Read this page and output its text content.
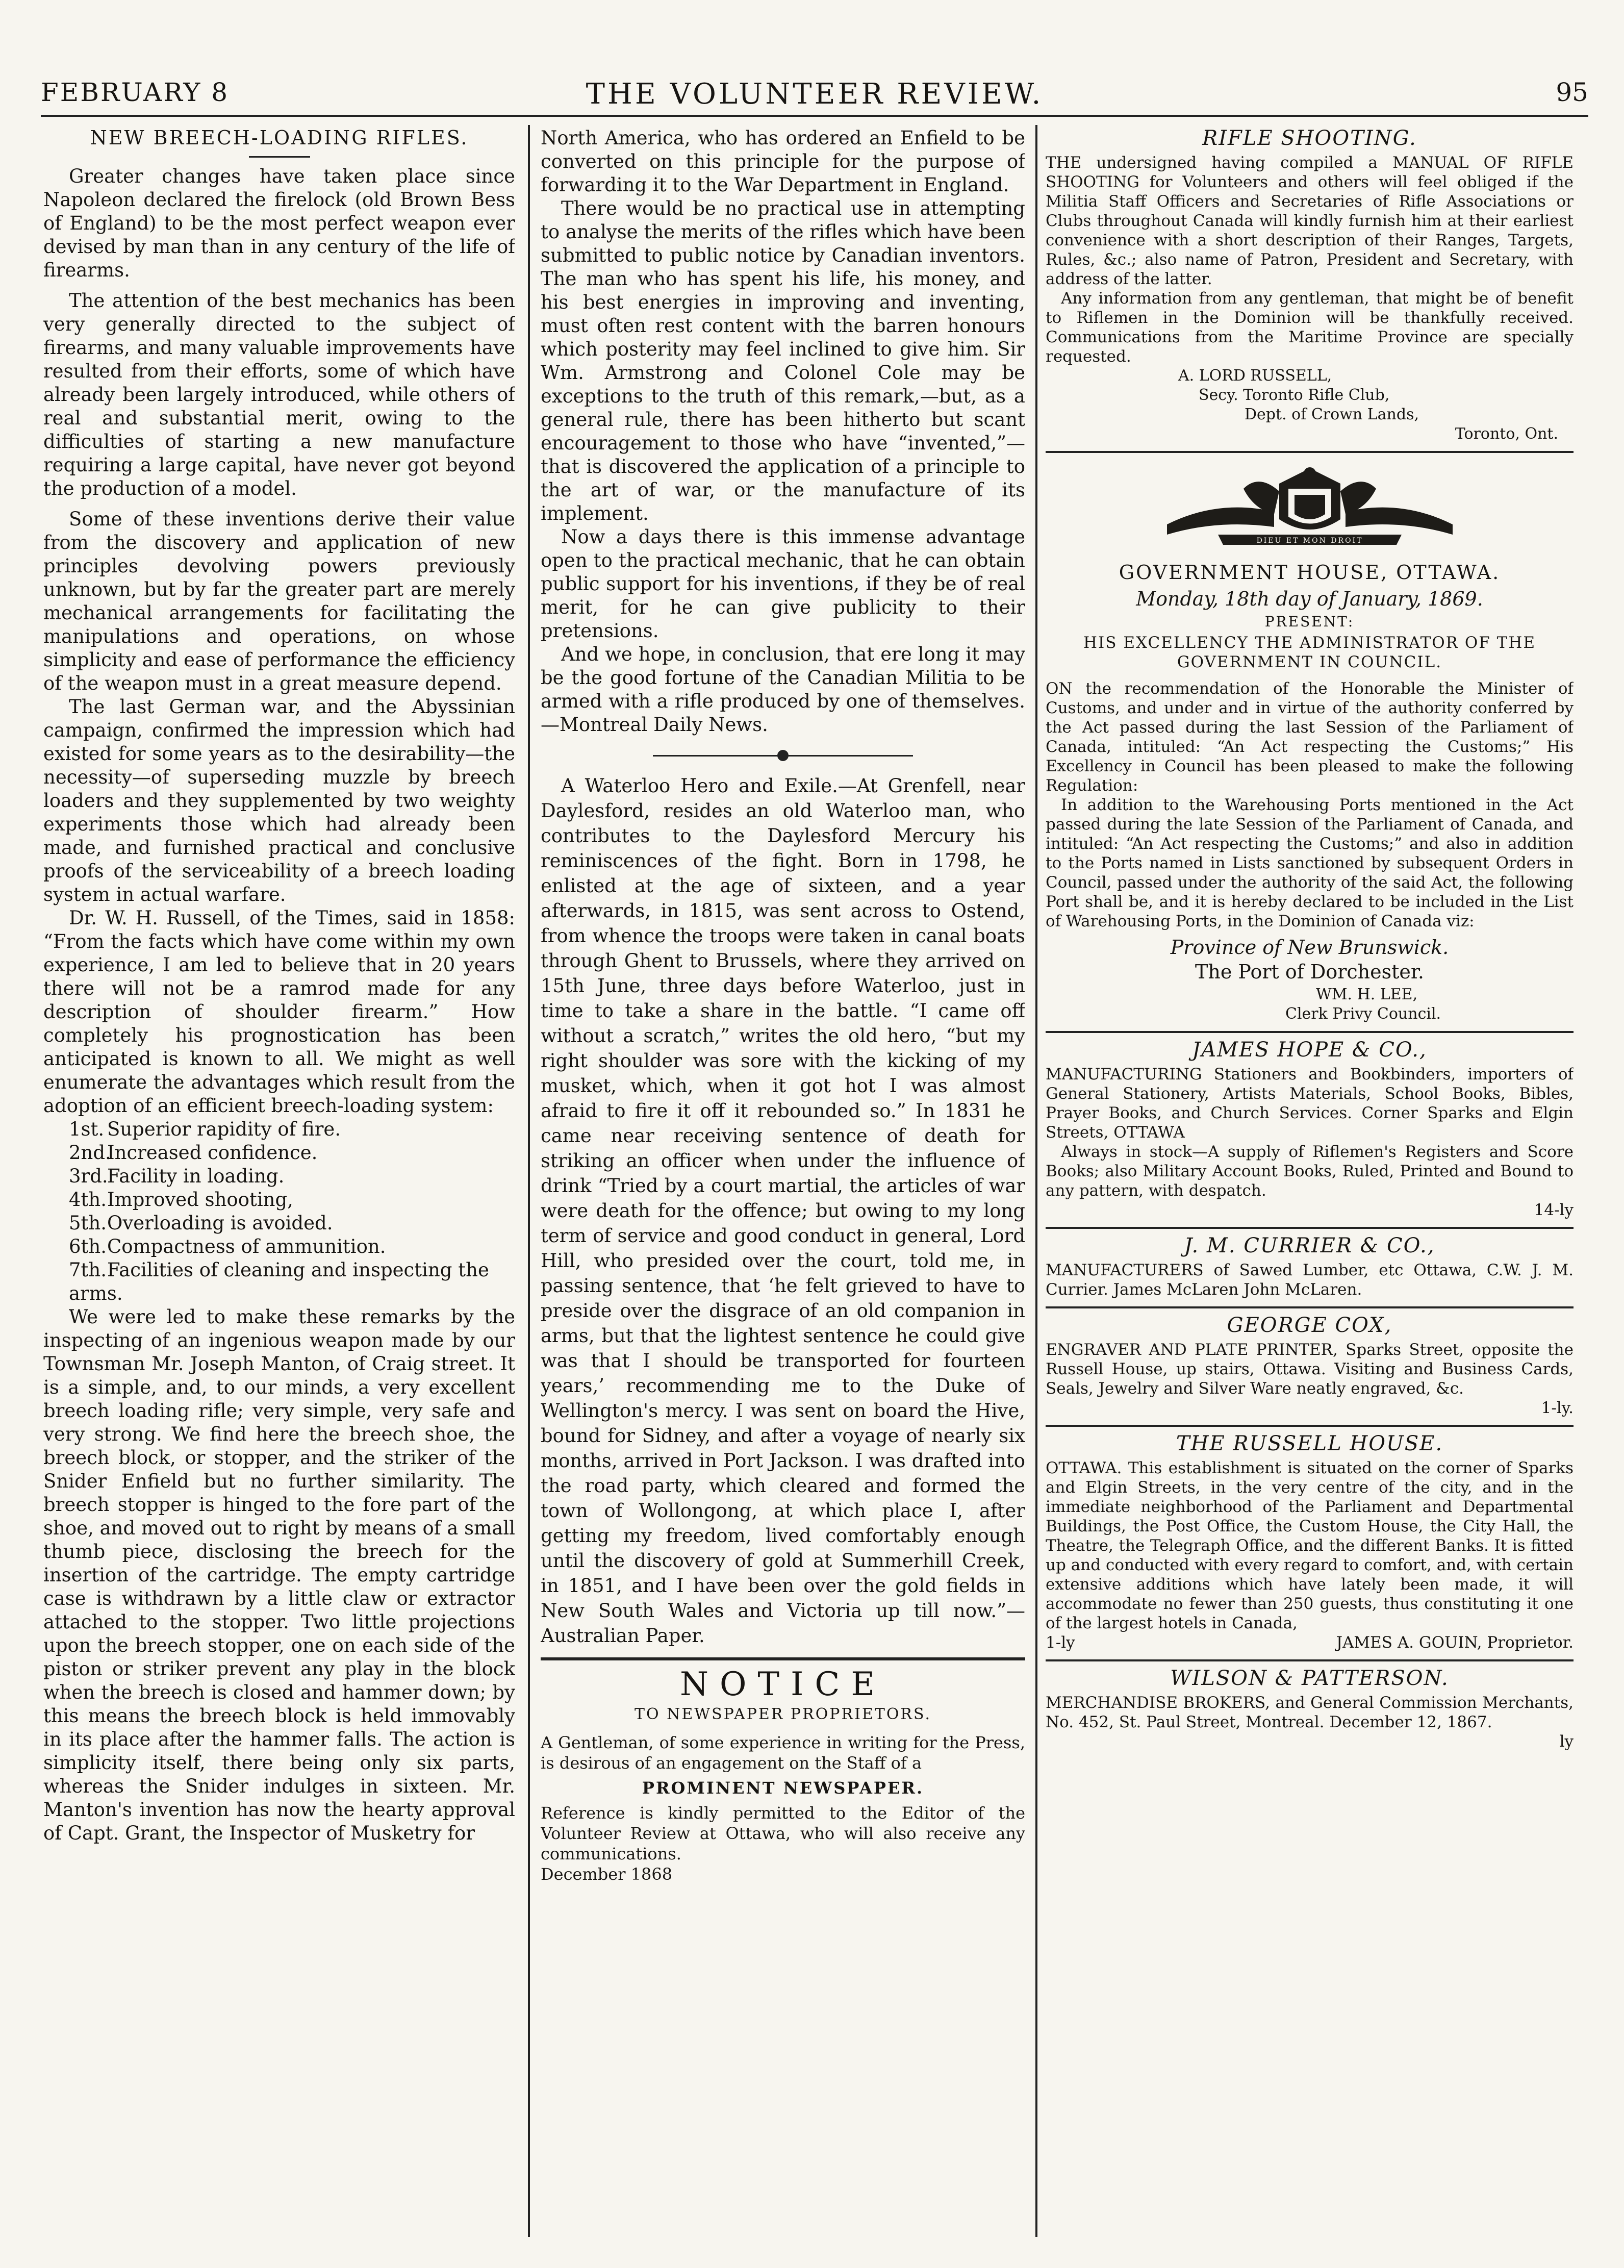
FEBRUARY 8	THE VOLUNTEER REVIEW.	95
NEW BREECH-LOADING RIFLES.

Greater changes have taken place since Napoleon declared the firelock (old Brown Bess of England) to be the most perfect weapon ever devised by man than in any century of the life of firearms.

The attention of the best mechanics has been very generally directed to the subject of firearms, and many valuable improvements have resulted from their efforts, some of which have already been largely introduced, while others of real and substantial merit, owing to the difficulties of starting a new manufacture requiring a large capital, have never got beyond the production of a model.

Some of these inventions derive their value from the discovery and application of new principles devolving powers previously unknown, but by far the greater part are merely mechanical arrangements for facilitating the manipulations and operations, on whose simplicity and ease of performance the efficiency of the weapon must in a great measure depend.

The last German war, and the Abyssinian campaign, confirmed the impression which had existed for some years as to the desirability—the necessity—of superseding muzzle by breech loaders and they supplemented by two weighty experiments those which had already been made, and furnished practical and conclusive proofs of the serviceability of a breech loading system in actual warfare.

Dr. W. H. Russell, of the Times, said in 1858: “From the facts which have come within my own experience, I am led to believe that in 20 years there will not be a ramrod made for any description of shoulder firearm.” How completely his prognostication has been anticipated is known to all. We might as well enumerate the advantages which result from the adoption of an efficient breech-loading system:

1st. Superior rapidity of fire.
2nd.Increased confidence.
3rd.Facility in loading.
4th.Improved shooting,
5th.Overloading is avoided.
6th.Compactness of ammunition.
7th.Facilities of cleaning and inspecting the arms.

We were led to make these remarks by the inspecting of an ingenious weapon made by our Townsman Mr. Joseph Manton, of Craig street. It is a simple, and, to our minds, a very excellent breech loading rifle; very simple, very safe and very strong. We find here the breech shoe, the breech block, or stopper, and the striker of the Snider Enfield but no further similarity. The breech stopper is hinged to the fore part of the shoe, and moved out to right by means of a small thumb piece, disclosing the breech for the insertion of the cartridge. The empty cartridge case is withdrawn by a little claw or extractor attached to the stopper. Two little projections upon the breech stopper, one on each side of the piston or striker prevent any play in the block when the breech is closed and hammer down; by this means the breech block is held immovably in its place after the hammer falls. The action is simplicity itself, there being only six parts, whereas the Snider indulges in sixteen. Mr. Manton's invention has now the hearty approval of Capt. Grant, the Inspector of Musketry for

North America, who has ordered an Enfield to be converted on this principle for the purpose of forwarding it to the War Department in England.

There would be no practical use in attempting to analyse the merits of the rifles which have been submitted to public notice by Canadian inventors. The man who has spent his life, his money, and his best energies in improving and inventing, must often rest content with the barren honours which posterity may feel inclined to give him. Sir Wm. Armstrong and Colonel Cole may be exceptions to the truth of this remark,—but, as a general rule, there has been hitherto but scant encouragement to those who have “invented,”—that is discovered the application of a principle to the art of war, or the manufacture of its implement.

Now a days there is this immense advantage open to the practical mechanic, that he can obtain public support for his inventions, if they be of real merit, for he can give publicity to their pretensions.

And we hope, in conclusion, that ere long it may be the good fortune of the Canadian Militia to be armed with a rifle produced by one of themselves.—Montreal Daily News.

A Waterloo Hero and Exile.—At Grenfell, near Daylesford, resides an old Waterloo man, who contributes to the Daylesford Mercury his reminiscences of the fight. Born in 1798, he enlisted at the age of sixteen, and a year afterwards, in 1815, was sent across to Ostend, from whence the troops were taken in canal boats through Ghent to Brussels, where they arrived on 15th June, three days before Waterloo, just in time to take a share in the battle. “I came off without a scratch,” writes the old hero, “but my right shoulder was sore with the kicking of my musket, which, when it got hot I was almost afraid to fire it off it rebounded so.” In 1831 he came near receiving sentence of death for striking an officer when under the influence of drink “Tried by a court martial, the articles of war were death for the offence; but owing to my long term of service and good conduct in general, Lord Hill, who presided over the court, told me, in passing sentence, that ‘he felt grieved to have to preside over the disgrace of an old companion in arms, but that the lightest sentence he could give was that I should be transported for fourteen years,’ recommending me to the Duke of Wellington's mercy. I was sent on board the Hive, bound for Sidney, and after a voyage of nearly six months, arrived in Port Jackson. I was drafted into the road party, which cleared and formed the town of Wollongong, at which place I, after getting my freedom, lived comfortably enough until the discovery of gold at Summerhill Creek, in 1851, and I have been over the gold fields in New South Wales and Victoria up till now.”—Australian Paper.

NOTICE
TO NEWSPAPER PROPRIETORS.

A Gentleman, of some experience in writing for the Press, is desirous of an engagement on the Staff of a

PROMINENT NEWSPAPER.

Reference is kindly permitted to the Editor of the Volunteer Review at Ottawa, who will also receive any communications.

December 1868

RIFLE SHOOTING.

THE undersigned having compiled a MANUAL OF RIFLE SHOOTING for Volunteers and others will feel obliged if the Militia Staff Officers and Secretaries of Rifle Associations or Clubs throughout Canada will kindly furnish him at their earliest convenience with a short description of their Ranges, Targets, Rules, &c.; also name of Patron, President and Secretary, with address of the latter.

Any information from any gentleman, that might be of benefit to Riflemen in the Dominion will be thankfully received. Communications from the Maritime Province are specially requested.

A. LORD RUSSELL,
Secy. Toronto Rifle Club,
Dept. of Crown Lands,
Toronto, Ont.
DIEU ET MON DROIT
GOVERNMENT HOUSE, OTTAWA.
Monday, 18th day of January, 1869.
PRESENT:
HIS EXCELLENCY THE ADMINISTRATOR OF THE GOVERNMENT IN COUNCIL.

ON the recommendation of the Honorable the Minister of Customs, and under and in virtue of the authority conferred by the Act passed during the last Session of the Parliament of Canada, intituled: “An Act respecting the Customs;” His Excellency in Council has been pleased to make the following Regulation:

In addition to the Warehousing Ports mentioned in the Act passed during the late Session of the Parliament of Canada, and intituled: “An Act respecting the Customs;” and also in addition to the Ports named in Lists sanctioned by subsequent Orders in Council, passed under the authority of the said Act, the following Port shall be, and it is hereby declared to be included in the List of Warehousing Ports, in the Dominion of Canada viz:

Province of New Brunswick.
The Port of Dorchester.
WM. H. LEE,
Clerk Privy Council.
JAMES HOPE & CO.,

MANUFACTURING Stationers and Bookbinders, importers of General Stationery, Artists Materials, School Books, Bibles, Prayer Books, and Church Services. Corner Sparks and Elgin Streets, OTTAWA

Always in stock—A supply of Riflemen's Registers and Score Books; also Military Account Books, Ruled, Printed and Bound to any pattern, with despatch.

14-ly
J. M. CURRIER & CO.,

MANUFACTURERS of Sawed Lumber, etc Ottawa, C.W. J. M. Currier. James McLaren John McLaren.

GEORGE COX,

ENGRAVER AND PLATE PRINTER, Sparks Street, opposite the Russell House, up stairs, Ottawa. Visiting and Business Cards, Seals, Jewelry and Silver Ware neatly engraved, &c.

1-ly.
THE RUSSELL HOUSE.

OTTAWA. This establishment is situated on the corner of Sparks and Elgin Streets, in the very centre of the city, and in the immediate neighborhood of the Parliament and Departmental Buildings, the Post Office, the Custom House, the City Hall, the Theatre, the Telegraph Office, and the different Banks. It is fitted up and conducted with every regard to comfort, and, with certain extensive additions which have lately been made, it will accommodate no fewer than 250 guests, thus constituting it one of the largest hotels in Canada,

1-ly	JAMES A. GOUIN, Proprietor.
WILSON & PATTERSON.

MERCHANDISE BROKERS, and General Commission Merchants, No. 452, St. Paul Street, Montreal. December 12, 1867.

ly
